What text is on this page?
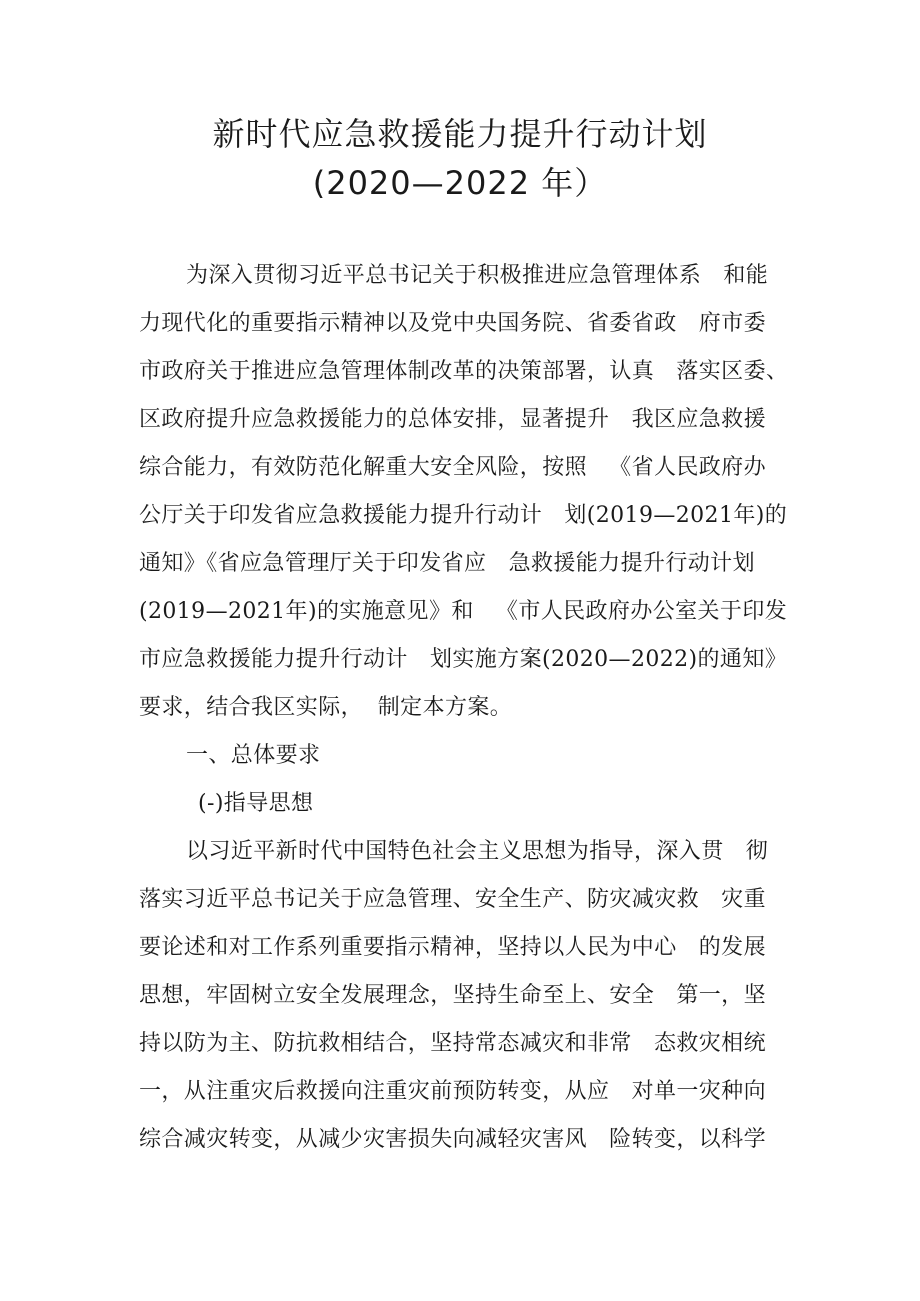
新时代应急救援能力提升行动计划
(2020—2022 年）
为深入贯彻习近平总书记关于积极推进应急管理体系   和能
力现代化的重要指示精神以及党中央国务院、省委省政   府市委
市政府关于推进应急管理体制改革的决策部署，认真   落实区委、
区政府提升应急救援能力的总体安排，显著提升   我区应急救援
综合能力，有效防范化解重大安全风险，按照   《省人民政府办
公厅关于印发省应急救援能力提升行动计   划(2019—2021年)的
通知》《省应急管理厅关于印发省应   急救援能力提升行动计划
(2019—2021年)的实施意见》和   《市人民政府办公室关于印发
市应急救援能力提升行动计   划实施方案(2020—2022)的通知》
要求，结合我区实际，  制定本方案。
一、总体要求
(-)指导思想
以习近平新时代中国特色社会主义思想为指导，深入贯   彻
落实习近平总书记关于应急管理、安全生产、防灾减灾救   灾重
要论述和对工作系列重要指示精神，坚持以人民为中心   的发展
思想，牢固树立安全发展理念，坚持生命至上、安全   第一，坚
持以防为主、防抗救相结合，坚持常态减灾和非常   态救灾相统
一，从注重灾后救援向注重灾前预防转变，从应   对单一灾种向
综合减灾转变，从减少灾害损失向减轻灾害风   险转变，以科学
